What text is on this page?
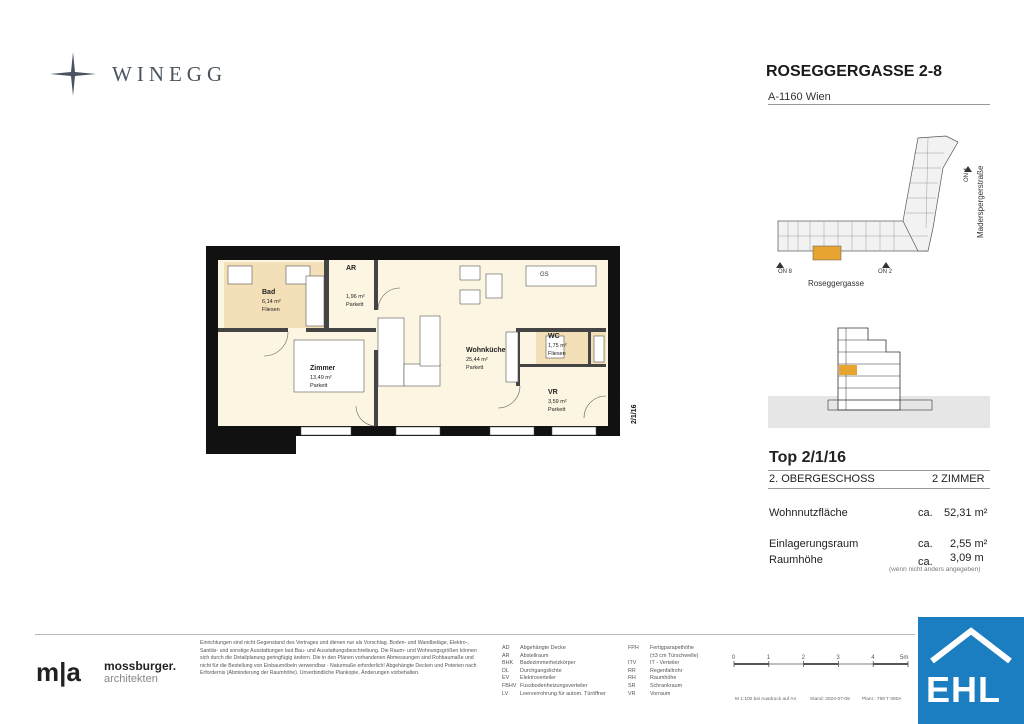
WINEGG	ROSEGGERGASSE 2-8
A-1160 Wien
ON 8	ON 2
ON 4
Roseggergasse
Maderspergerstraße
Top 2/1/16
2. OBERGESCHOSS	2 ZIMMER
Wohnnutzfläche	ca. 52,31 m²
Einlagerungsraum	ca. 2,55 m²
Raumhöhe	ca. 3,09 m
(wenn nicht anders angegeben)
2/1/16
GS
Bad
6,14 m²
Fliesen
AR
1,96 m²
Parkett
Zimmer
13,49 m²
Parkett
Wohnküche
25,44 m²
Parkett
WC
1,75 m²
Fliesen
VR
3,59 m²
Parkett
m|a mossburger.
architekten
Einrichtungen sind nicht Gegenstand des Vertrages und dienen nur als Vorschlag. Boden- und Wandbeläge, Elektro-, Sanitär- und sonstige Ausstattungen laut Bau- und Ausstattungsbeschreibung. Die Raum- und Wohnungsgrößen können sich durch die Detailplanung geringfügig ändern. Die in den Plänen vorhandenen Abmessungen sind Rohbaumaße und nicht für die Bestellung von Einbaumöbeln verwendbar - Naturmaße erforderlich! Abgehängte Decken und Poterien nach Erfordernis (Abminderung der Raumhöhe). Unverbindliche Plankopie, Änderungen vorbehalten.
AD Abgehängte Decke
AR Abstellraum
BHK Badezimmerheizkörper
DL Durchgangslichte
EV Elektroverteiler
FBHV Fussbodenheizungsverteiler
LV Leerverrohrung für autom. Türöffner
FPH Fertigparapethöhe
(±3 cm Türschwelle)
ITV	IT - Verteiler
RR	Regenfallrohr
RH	Raumhöhe
SR	Schrankraum
VR	Vorraum
0	1	2	3	4	5m
M 1:100 bei Ausdruck auf A4	Stand: 2024-07-08	Planr.: 769 T 080A EHL
